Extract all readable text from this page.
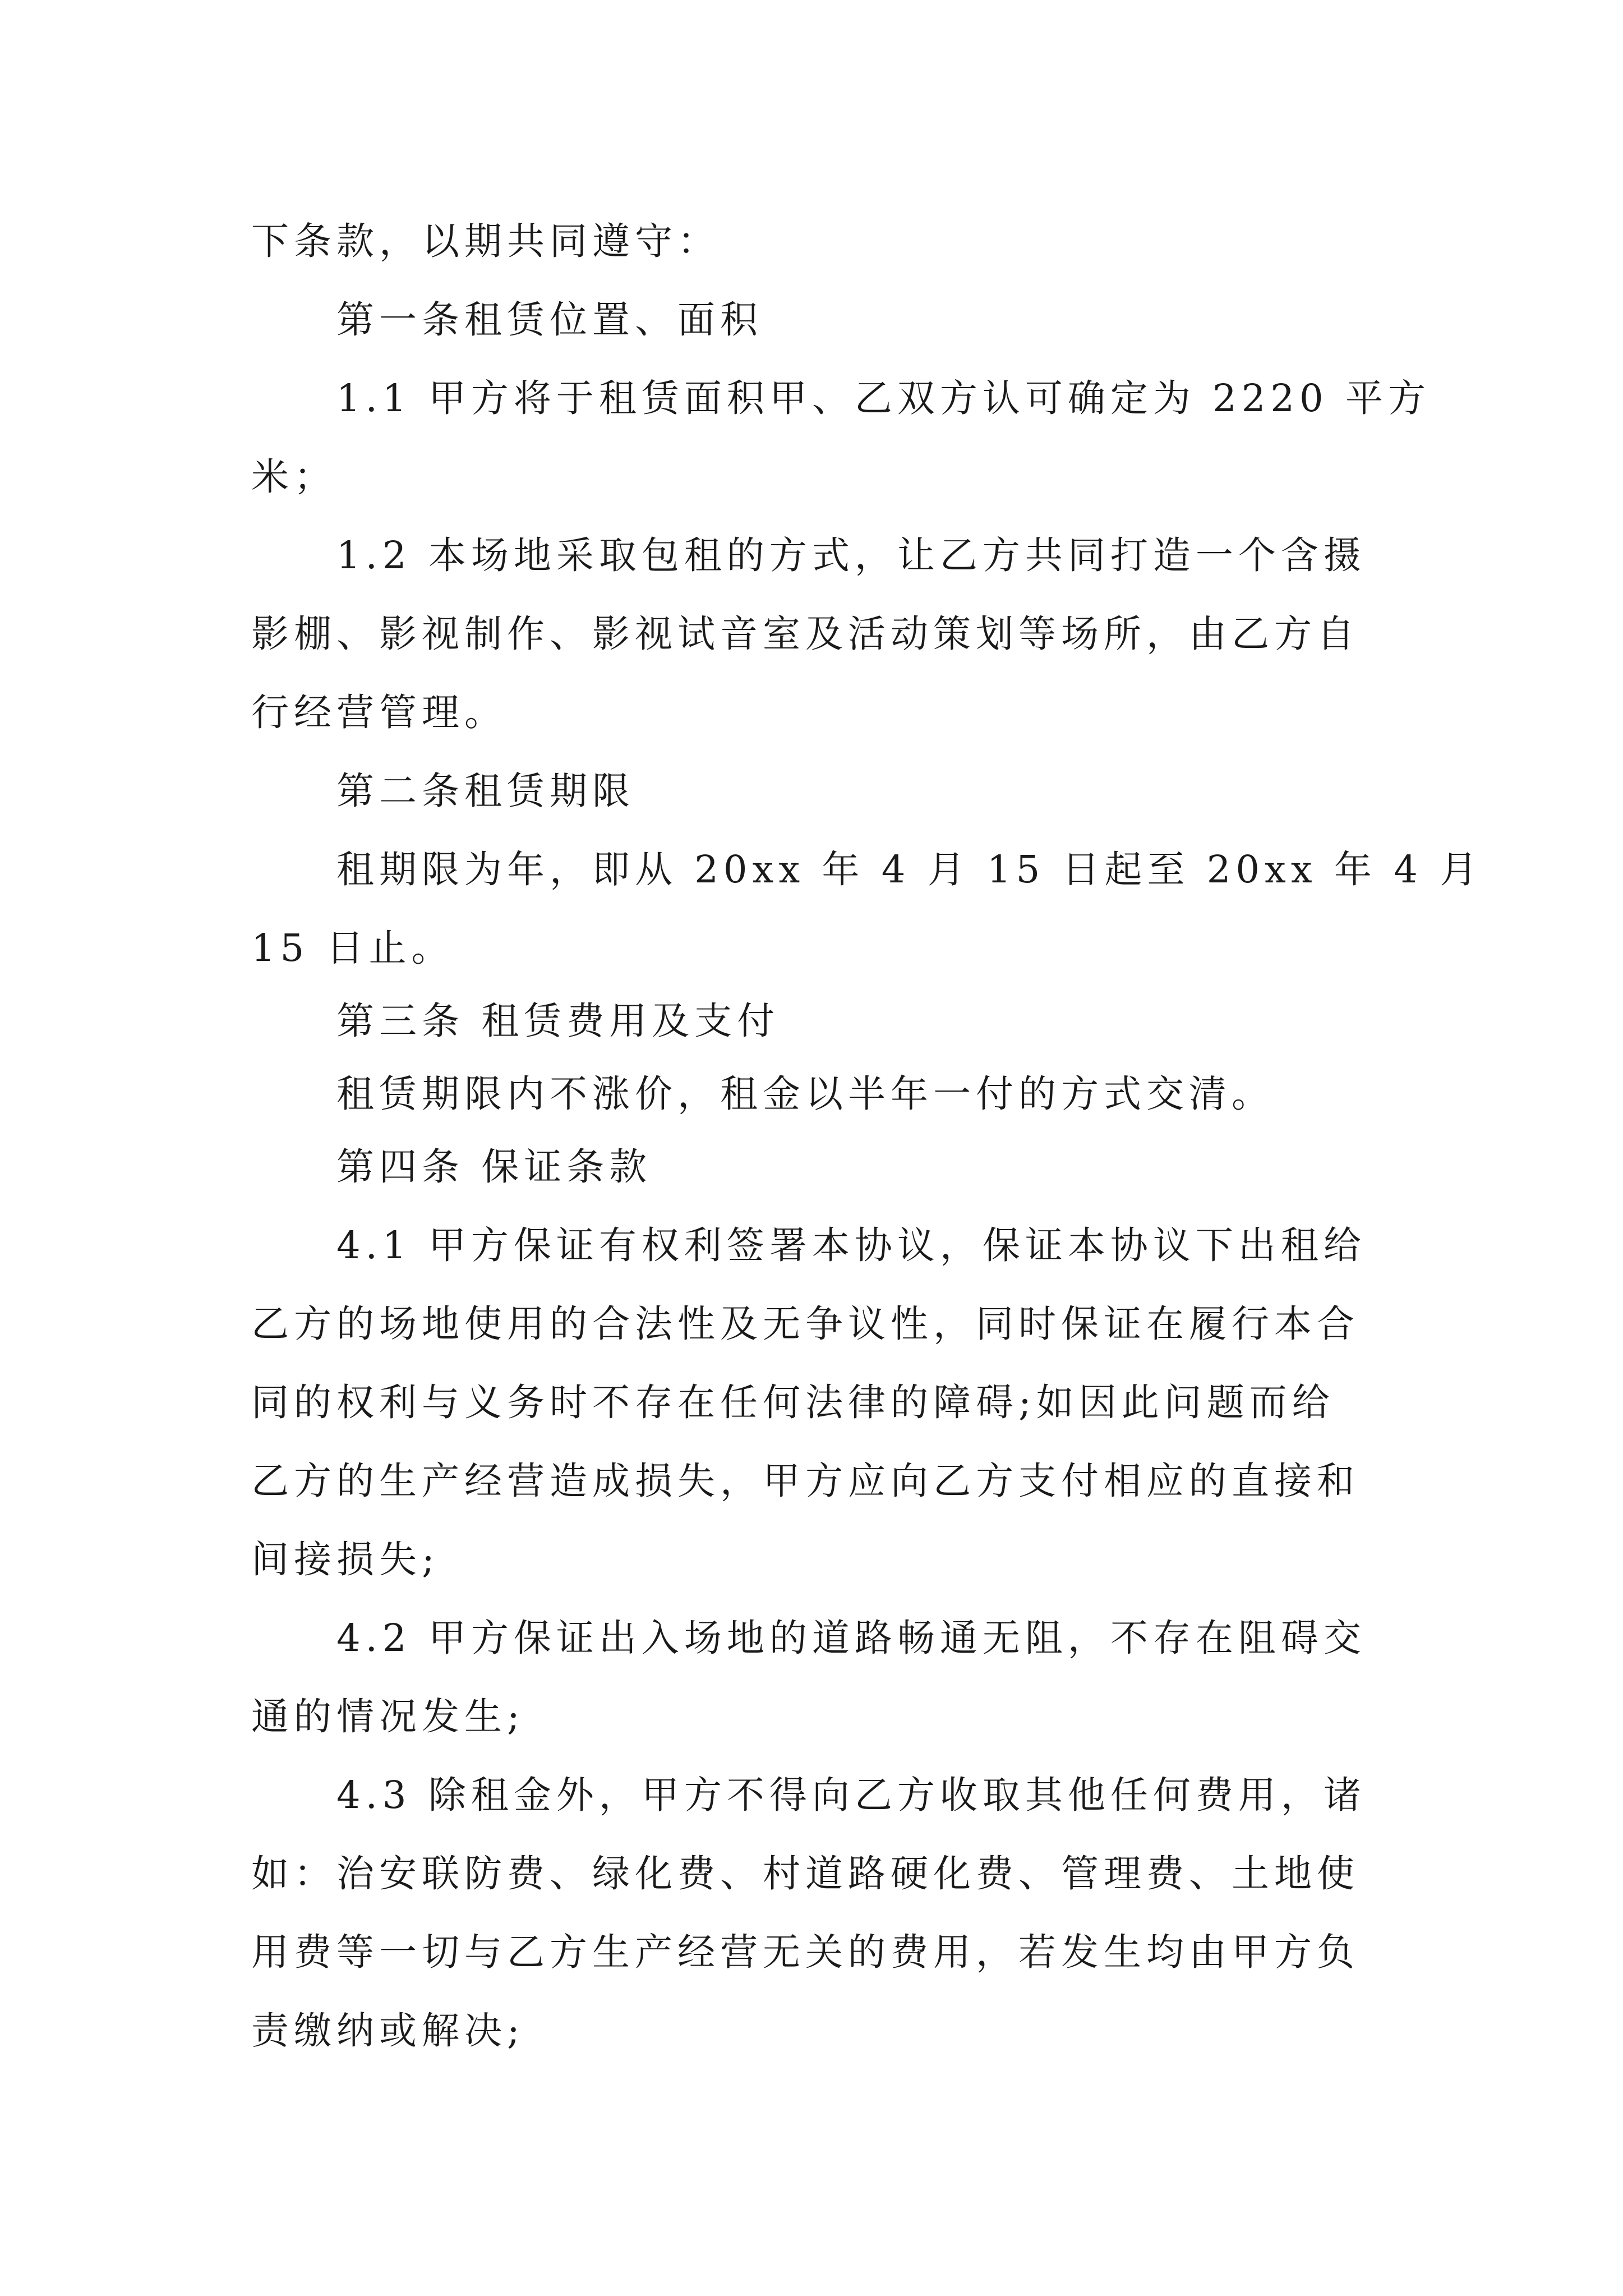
下条款，以期共同遵守：
第一条租赁位置、面积
1.1 甲方将于租赁面积甲、乙双方认可确定为 2220 平方
米；
1.2 本场地采取包租的方式，让乙方共同打造一个含摄
影棚、影视制作、影视试音室及活动策划等场所，由乙方自
行经营管理。
第二条租赁期限
租期限为年，即从 20xx 年 4 月 15 日起至 20xx 年 4 月
15 日止。
第三条 租赁费用及支付
租赁期限内不涨价，租金以半年一付的方式交清。
第四条 保证条款
4.1 甲方保证有权利签署本协议，保证本协议下出租给
乙方的场地使用的合法性及无争议性，同时保证在履行本合
同的权利与义务时不存在任何法律的障碍;如因此问题而给
乙方的生产经营造成损失，甲方应向乙方支付相应的直接和
间接损失;
4.2 甲方保证出入场地的道路畅通无阻，不存在阻碍交
通的情况发生;
4.3 除租金外，甲方不得向乙方收取其他任何费用，诸
如：治安联防费、绿化费、村道路硬化费、管理费、土地使
用费等一切与乙方生产经营无关的费用，若发生均由甲方负
责缴纳或解决;
